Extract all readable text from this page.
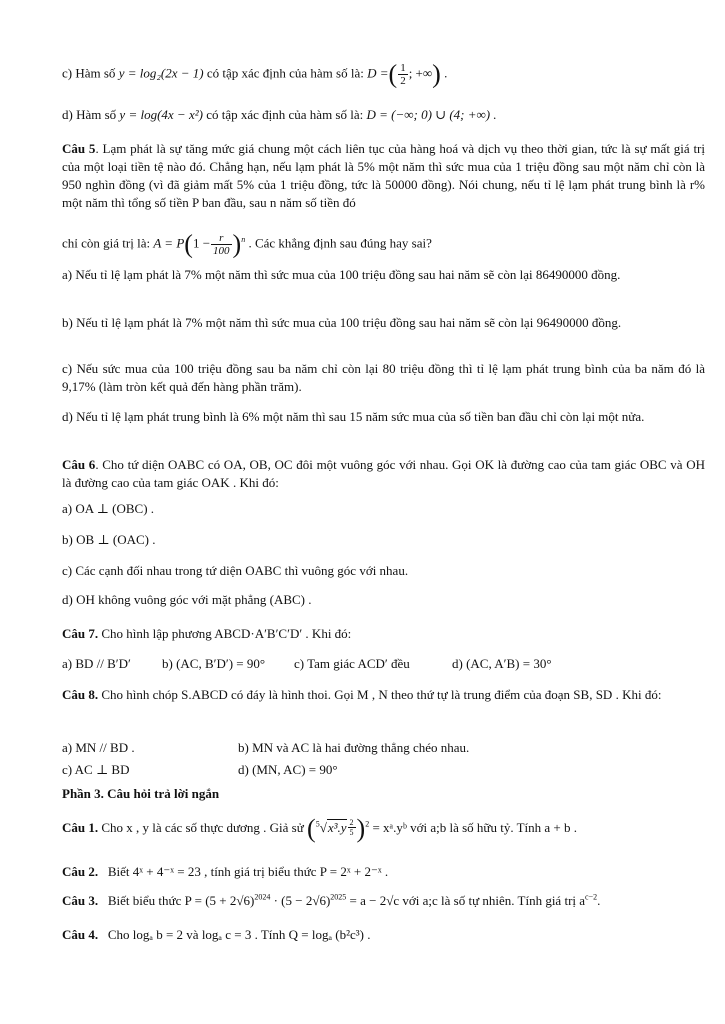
c) Hàm số y = log₂(2x − 1) có tập xác định của hàm số là: D =( $\frac{1}{2}$ ; +∞) .
d) Hàm số y = log(4x − x²) có tập xác định của hàm số là: D = (−∞; 0) ∪ (4; +∞) .
Câu 5. Lạm phát là sự tăng mức giá chung một cách liên tục của hàng hoá và dịch vụ theo thời gian, tức là sự mất giá trị của một loại tiền tệ nào đó. Chẳng hạn, nếu lạm phát là 5% một năm thì sức mua của 1 triệu đồng sau một năm chỉ còn là 950 nghìn đồng (vì đã giảm mất 5% của 1 triệu đồng, tức là 50000 đồng). Nói chung, nếu tỉ lệ lạm phát trung bình là r% một năm thì tổng số tiền P ban đầu, sau n năm số tiền đó
chỉ còn giá trị là: $A = P(1 - \frac{r}{100} )^n$ . Các khẳng định sau đúng hay sai?
a) Nếu tỉ lệ lạm phát là 7% một năm thì sức mua của 100 triệu đồng sau hai năm sẽ còn lại 86490000 đồng.
b) Nếu tỉ lệ lạm phát là 7% một năm thì sức mua của 100 triệu đồng sau hai năm sẽ còn lại 96490000 đồng.
c) Nếu sức mua của 100 triệu đồng sau ba năm chỉ còn lại 80 triệu đồng thì tỉ lệ lạm phát trung bình của ba năm đó là 9,17% (làm tròn kết quả đến hàng phần trăm).
d) Nếu tỉ lệ lạm phát trung bình là 6% một năm thì sau 15 năm sức mua của số tiền ban đầu chỉ còn lại một nửa.
Câu 6. Cho tứ diện OABC có OA, OB, OC đôi một vuông góc với nhau. Gọi OK là đường cao của tam giác OBC và OH là đường cao của tam giác OAK . Khi đó:
a) OA ⊥ (OBC) .
b) OB ⊥ (OAC) .
c) Các cạnh đối nhau trong tứ diện OABC thì vuông góc với nhau.
d) OH không vuông góc với mặt phẳng (ABC) .
Câu 7. Cho hình lập phương ABCD·A′B′C′D′ . Khi đó:
a) BD // B′D′ b) (AC, B′D′) = 90° c) Tam giác ACD′ đều	d) (AC, A′B) = 30°
Câu 8. Cho hình chóp S.ABCD có đáy là hình thoi. Gọi M , N theo thứ tự là trung điểm của đoạn SB, SD . Khi đó:
a) MN // BD .	b) MN và AC là hai đường thẳng chéo nhau.
c) AC ⊥ BD	d) (MN, AC) = 90°
Phần 3. Câu hỏi trả lời ngắn
Câu 1. Cho x , y là các số thực dương . Giả sử $(^5√x^3.y \frac{2}{5} )^2$ = xᵃ.yᵇ với a;b là số hữu tỷ. Tính a + b .
Câu 2. Biết 4ˣ + 4⁻ˣ = 23 , tính giá trị biểu thức P = 2ˣ + 2⁻ˣ .
Câu 3. Biết biểu thức $P = (5 + 2√6)^{2024} \cdot (5 - 2√6)^{2025} = a - 2√c$ với a;c là số tự nhiên. Tính giá trị $a^{c-2}$.
Câu 4. Cho logₐ b = 2 và logₐ c = 3 . Tính Q = logₐ (b²c³) .
